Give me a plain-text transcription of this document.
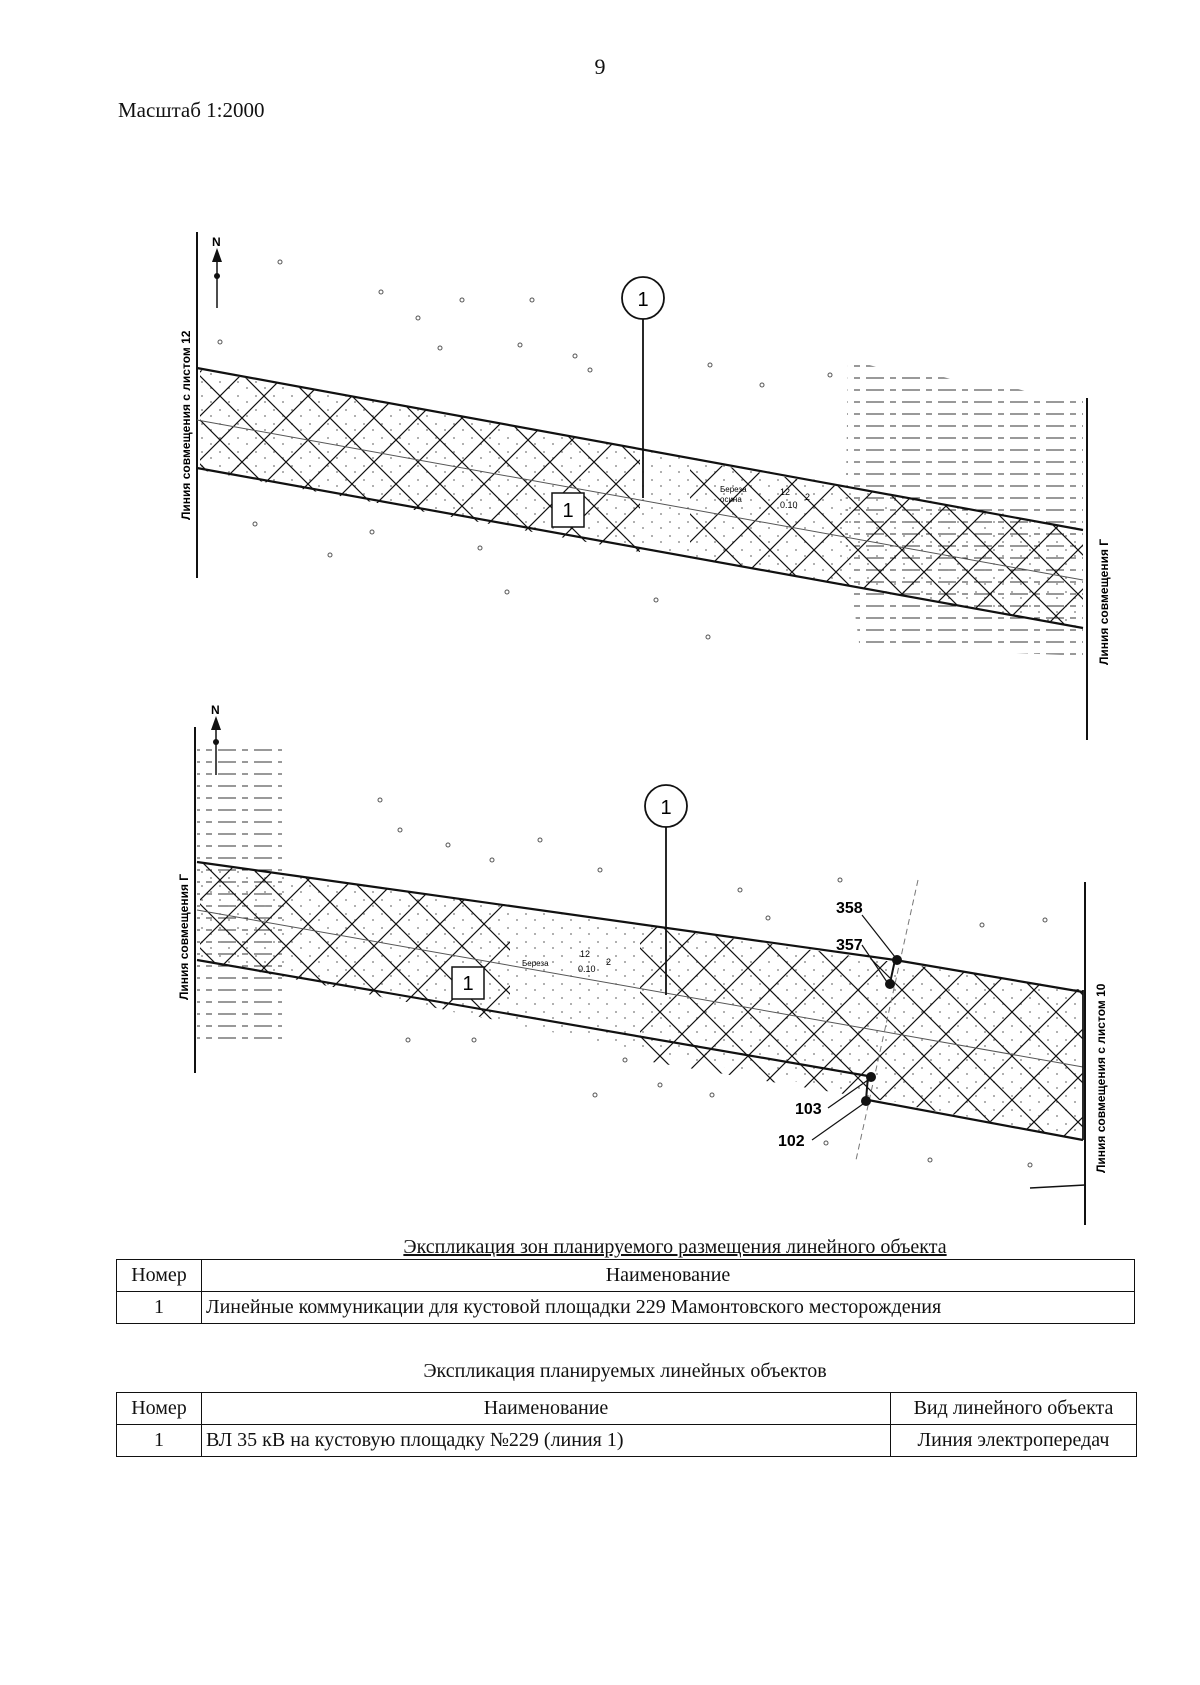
9
Масштаб 1:2000
Линия совмещения с листом 12
N
Линия совмещения Г
1
1
Береза
осина
12
0.10
2
Линия совмещения Г
N
358
357
103
102	Линия совмещения с листом 10
1
1
Береза
12
0.10
2
Экспликация зон планируемого размещения линейного объекта
Номер	Наименование
1	Линейные коммуникации для кустовой площадки 229 Мамонтовского месторождения
Экспликация планируемых линейных объектов
Номер	Наименование	Вид линейного объекта
1	ВЛ 35 кВ на кустовую площадку №229 (линия 1)	Линия электропередач
